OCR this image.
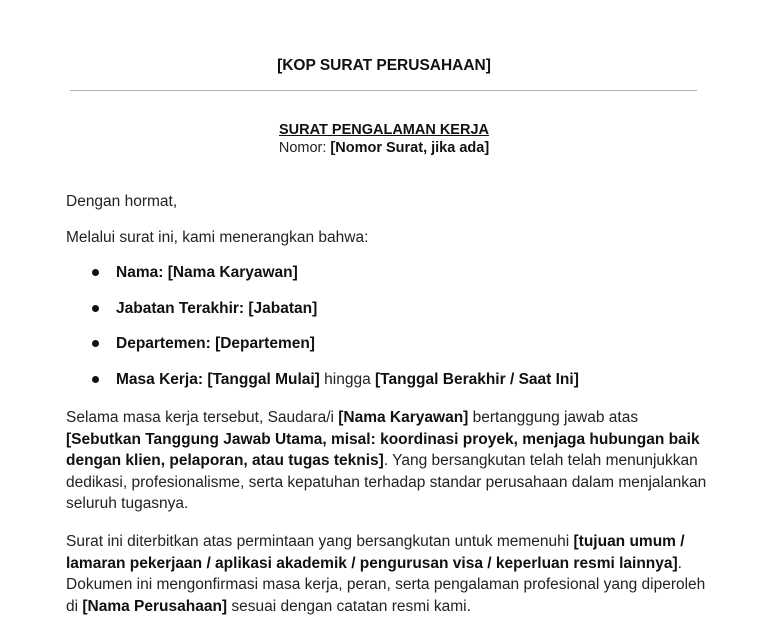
[KOP SURAT PERUSAHAAN]
SURAT PENGALAMAN KERJA
Nomor: [Nomor Surat, jika ada]
Dengan hormat,
Melalui surat ini, kami menerangkan bahwa:
Nama: [Nama Karyawan]
Jabatan Terakhir: [Jabatan]
Departemen: [Departemen]
Masa Kerja: [Tanggal Mulai] hingga [Tanggal Berakhir / Saat Ini]
Selama masa kerja tersebut, Saudara/i [Nama Karyawan] bertanggung jawab atas [Sebutkan Tanggung Jawab Utama, misal: koordinasi proyek, menjaga hubungan baik dengan klien, pelaporan, atau tugas teknis]. Yang bersangkutan telah telah menunjukkan dedikasi, profesionalisme, serta kepatuhan terhadap standar perusahaan dalam menjalankan seluruh tugasnya.
Surat ini diterbitkan atas permintaan yang bersangkutan untuk memenuhi [tujuan umum / lamaran pekerjaan / aplikasi akademik / pengurusan visa / keperluan resmi lainnya]. Dokumen ini mengonfirmasi masa kerja, peran, serta pengalaman profesional yang diperoleh di [Nama Perusahaan] sesuai dengan catatan resmi kami.
